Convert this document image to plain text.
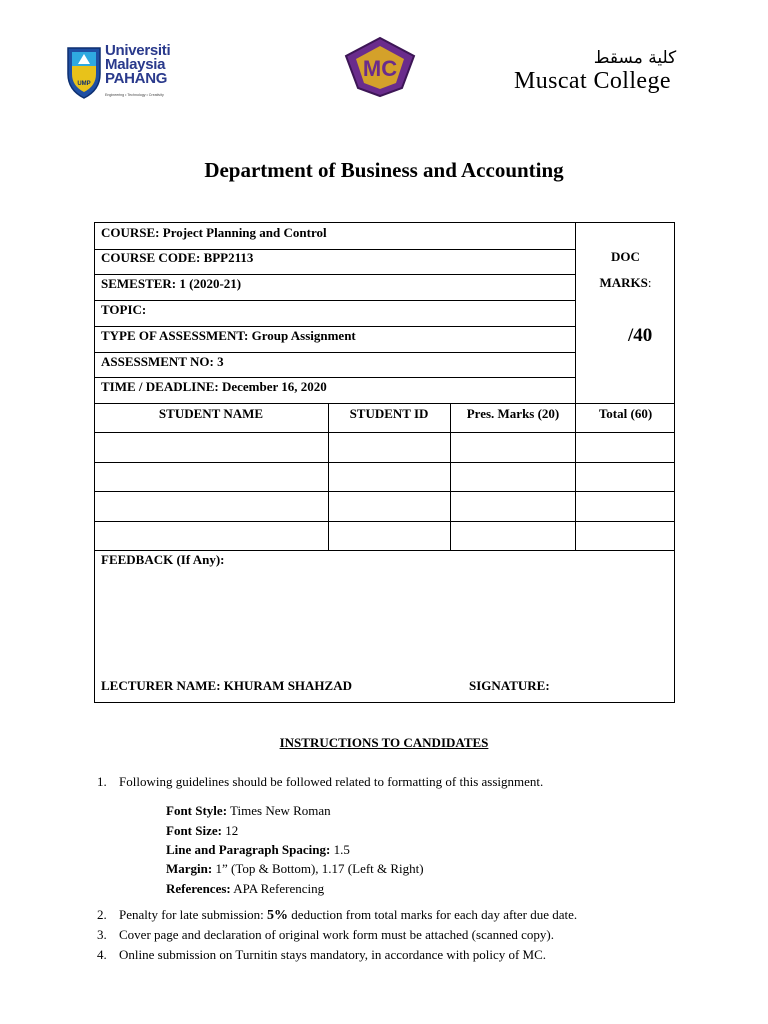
UMP
Universiti
Malaysia
PAHANG
Engineering • Technology • Creativity
MC	كلية مسقط
Muscat College
Department of Business and Accounting
COURSE: Project Planning and Control
COURSE CODE: BPP2113
SEMESTER: 1 (2020-21)
TOPIC:
TYPE OF ASSESSMENT: Group Assignment
ASSESSMENT NO: 3
TIME / DEADLINE: December 16, 2020
DOC
MARKS:
/40
STUDENT NAME	STUDENT ID	Pres. Marks (20)	Total (60)
FEEDBACK (If Any):
LECTURER NAME: KHURAM SHAHZAD	SIGNATURE:
INSTRUCTIONS TO CANDIDATES
1. Following guidelines should be followed related to formatting of this assignment.
Font Style: Times New Roman
Font Size: 12
Line and Paragraph Spacing: 1.5
Margin: 1” (Top & Bottom), 1.17 (Left & Right)
References: APA Referencing
2. Penalty for late submission: 5% deduction from total marks for each day after due date.
3. Cover page and declaration of original work form must be attached (scanned copy).
4. Online submission on Turnitin stays mandatory, in accordance with policy of MC.
